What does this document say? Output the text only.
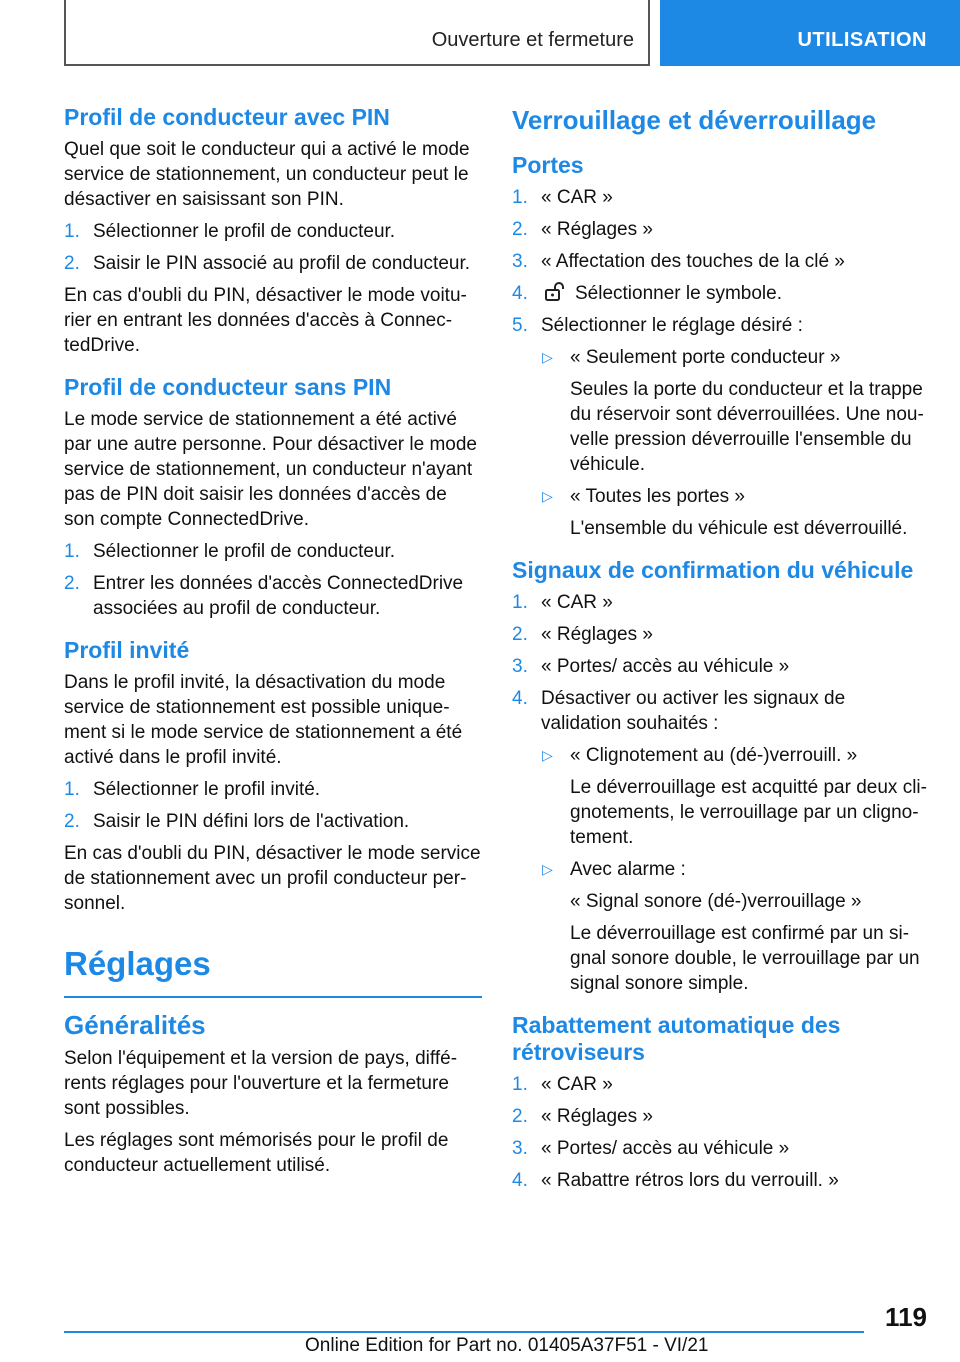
Ouverture et fermeture	UTILISATION
Profil de conducteur avec PIN

Quel que soit le conducteur qui a activé le mode service de stationnement, un conducteur peut le désactiver en saisissant son PIN.

1. Sélectionner le profil de conducteur.
2. Saisir le PIN associé au profil de conducteur.

En cas d'oubli du PIN, désactiver le mode voiturier en entrant les données d'accès à ConnectedDrive.

Profil de conducteur sans PIN

Le mode service de stationnement a été activé par une autre personne. Pour désactiver le mode service de stationnement, un conducteur n'ayant pas de PIN doit saisir les données d'accès de son compte ConnectedDrive.

1. Sélectionner le profil de conducteur.
2. Entrer les données d'accès ConnectedDrive associées au profil de conducteur.
Profil invité

Dans le profil invité, la désactivation du mode service de stationnement est possible uniquement si le mode service de stationnement a été activé dans le profil invité.

1. Sélectionner le profil invité.
2. Saisir le PIN défini lors de l'activation.

En cas d'oubli du PIN, désactiver le mode service de stationnement avec un profil conducteur personnel.

Réglages
Généralités

Selon l'équipement et la version de pays, différents réglages pour l'ouverture et la fermeture sont possibles.

Les réglages sont mémorisés pour le profil de conducteur actuellement utilisé.

Verrouillage et déverrouillage
Portes
1. « CAR »
2. « Réglages »
3. « Affectation des touches de la clé »
4. Sélectionner le symbole.
5. Sélectionner le réglage désiré :
▷ « Seulement porte conducteur »
Seules la porte du conducteur et la trappe du réservoir sont déverrouillées. Une nouvelle pression déverrouille l'ensemble du véhicule.
▷ « Toutes les portes »
L'ensemble du véhicule est déverrouillé.
Signaux de confirmation du véhicule
1. « CAR »
2. « Réglages »
3. « Portes/ accès au véhicule »
4. Désactiver ou activer les signaux de validation souhaités :
▷ « Clignotement au (dé-)verrouill. »
Le déverrouillage est acquitté par deux clignotements, le verrouillage par un clignotement.
▷ Avec alarme :
« Signal sonore (dé-)verrouillage »
Le déverrouillage est confirmé par un signal sonore double, le verrouillage par un signal sonore simple.
Rabattement automatique des rétroviseurs
1. « CAR »
2. « Réglages »
3. « Portes/ accès au véhicule »
4. « Rabattre rétros lors du verrouill. »
119
Online Edition for Part no. 01405A37F51 - VI/21
